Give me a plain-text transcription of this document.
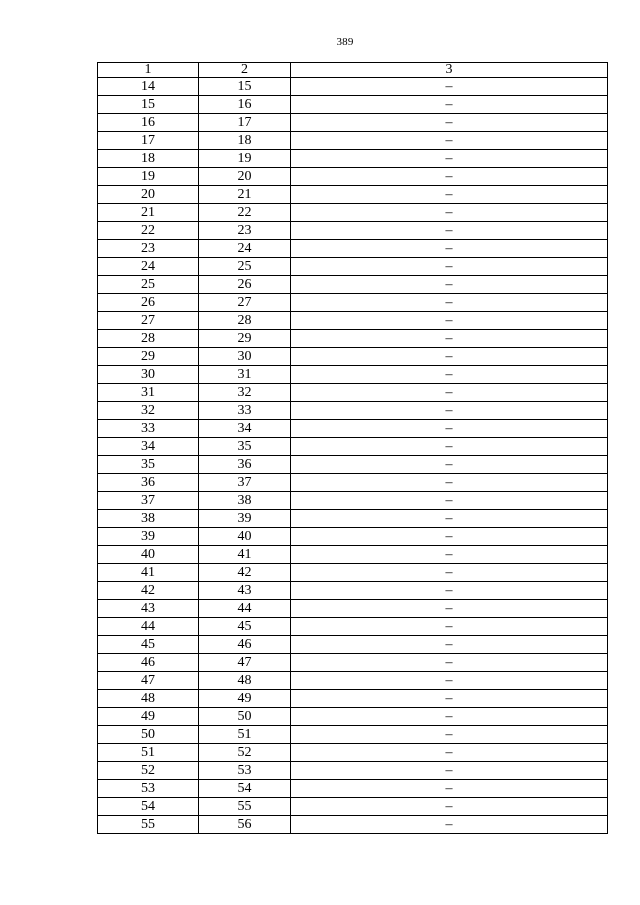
389
1	2	3
14	15	–
15	16	–
16	17	–
17	18	–
18	19	–
19	20	–
20	21	–
21	22	–
22	23	–
23	24	–
24	25	–
25	26	–
26	27	–
27	28	–
28	29	–
29	30	–
30	31	–
31	32	–
32	33	–
33	34	–
34	35	–
35	36	–
36	37	–
37	38	–
38	39	–
39	40	–
40	41	–
41	42	–
42	43	–
43	44	–
44	45	–
45	46	–
46	47	–
47	48	–
48	49	–
49	50	–
50	51	–
51	52	–
52	53	–
53	54	–
54	55	–
55	56	–
